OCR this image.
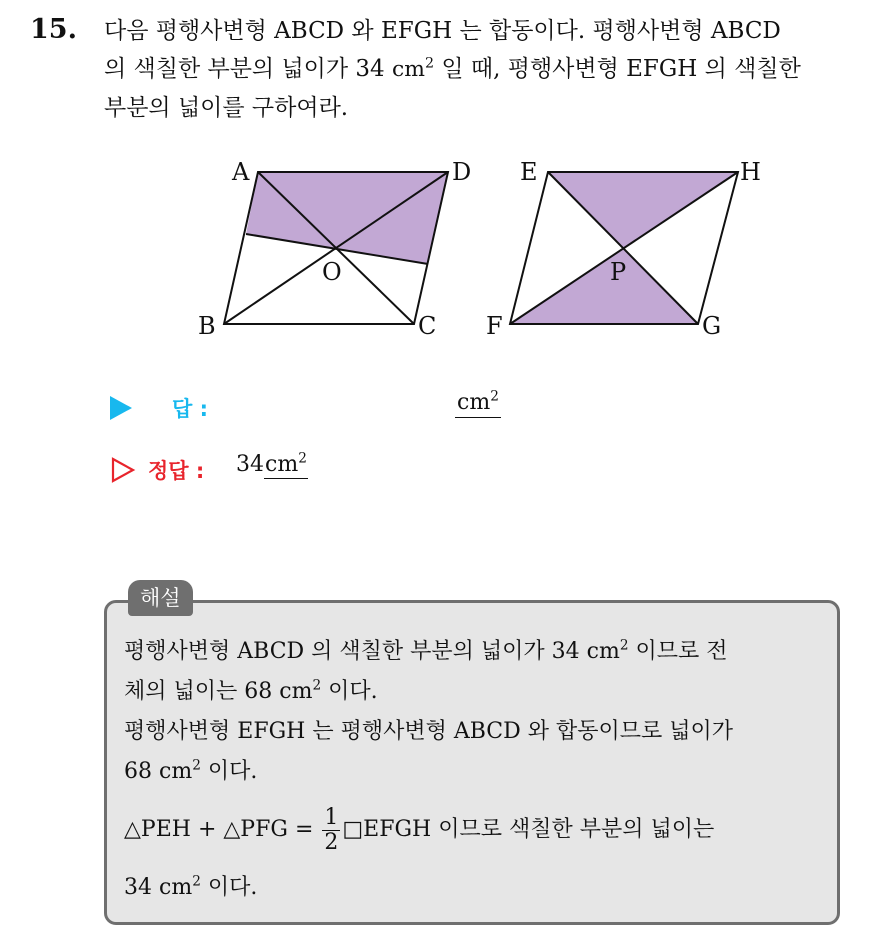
15. 다음 평행사변형 ABCD 와 EFGH 는 합동이다. 평행사변형 ABCD
의 색칠한 부분의 넓이가 34 $cm^2$ 일 때, 평행사변형 EFGH 의 색칠한
부분의 넓이를 구하여라.
A	D
B	C
O
E	H
F	G
P
답 :	$cm^2$
정답 : $34cm^2$
해설
평행사변형 ABCD 의 색칠한 부분의 넓이가 34 $cm^2$ 이므로 전
체의 넓이는 68 $cm^2$ 이다.
평행사변형 EFGH 는 평행사변형 ABCD 와 합동이므로 넓이가
68 $cm^2$ 이다.
△PEH + △PFG = $\frac{1}{2}$ □EFGH 이므로 색칠한 부분의 넓이는
34 $cm^2$ 이다.
